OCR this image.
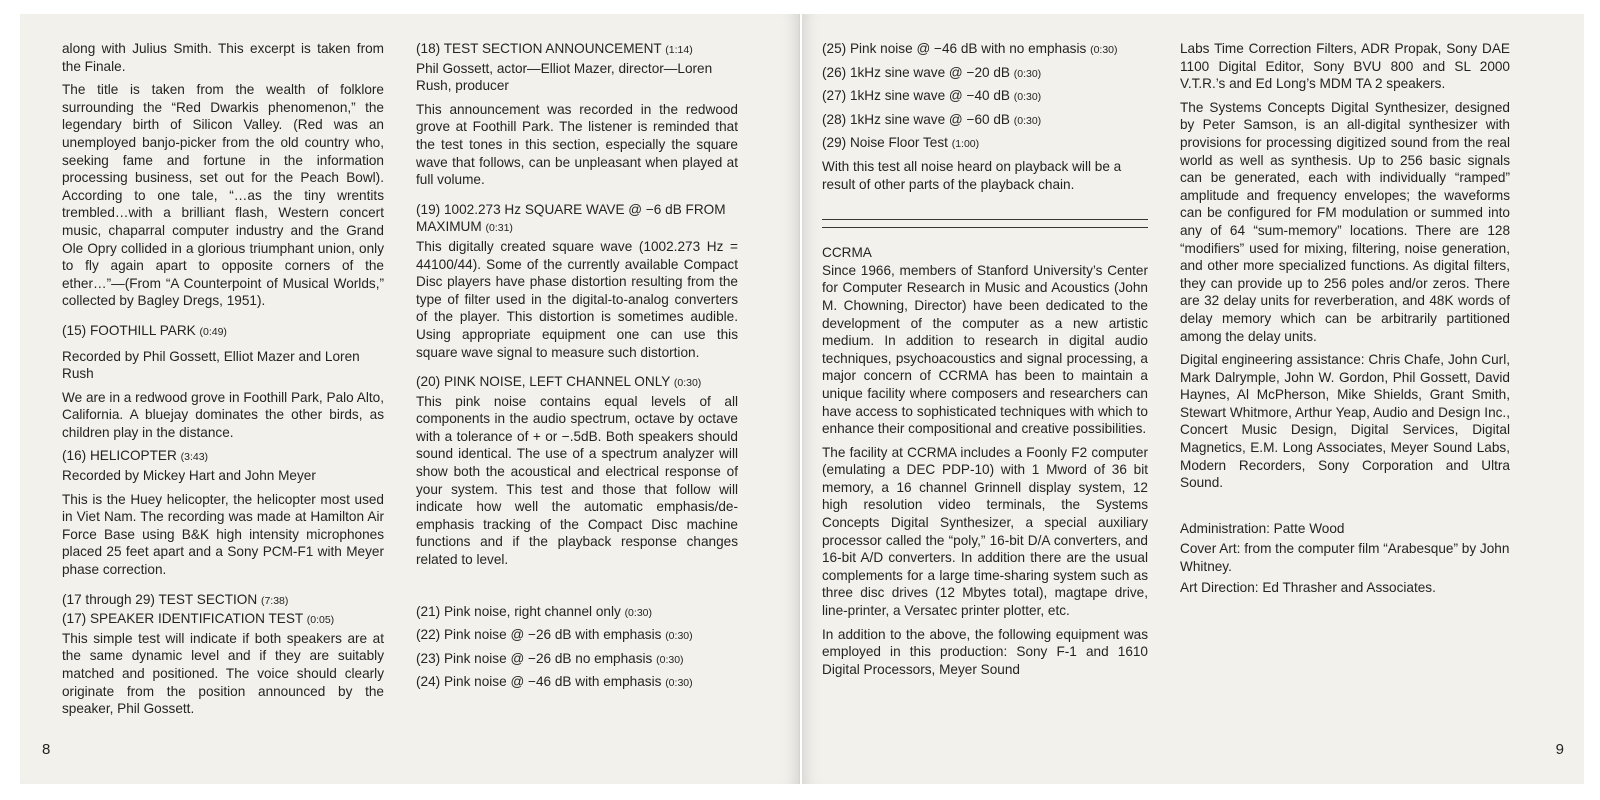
along with Julius Smith. This excerpt is taken from the Finale.

The title is taken from the wealth of folklore surrounding the “Red Dwarkis phenomenon,” the legendary birth of Silicon Valley. (Red was an unemployed banjo-picker from the old country who, seeking fame and fortune in the information processing business, set out for the Peach Bowl). According to one tale, “…as the tiny wrentits trembled…with a brilliant flash, Western concert music, chaparral computer industry and the Grand Ole Opry collided in a glorious triumphant union, only to fly again apart to opposite corners of the ether…”—(From “A Counterpoint of Musical Worlds,” collected by Bagley Dregs, 1951).

(15) FOOTHILL PARK (0:49)

Recorded by Phil Gossett, Elliot Mazer and Loren Rush

We are in a redwood grove in Foothill Park, Palo Alto, California. A bluejay dominates the other birds, as children play in the distance.

(16) HELICOPTER (3:43)

Recorded by Mickey Hart and John Meyer

This is the Huey helicopter, the helicopter most used in Viet Nam. The recording was made at Hamilton Air Force Base using B&K high intensity microphones placed 25 feet apart and a Sony PCM-F1 with Meyer phase correction.

(17 through 29) TEST SECTION (7:38)

(17) SPEAKER IDENTIFICATION TEST (0:05)

This simple test will indicate if both speakers are at the same dynamic level and if they are suitably matched and positioned. The voice should clearly originate from the position announced by the speaker, Phil Gossett.

(18) TEST SECTION ANNOUNCEMENT (1:14)

Phil Gossett, actor—Elliot Mazer, director—Loren Rush, producer

This announcement was recorded in the redwood grove at Foothill Park. The listener is reminded that the test tones in this section, especially the square wave that follows, can be unpleasant when played at full volume.

(19) 1002.273 Hz SQUARE WAVE @ −6 dB FROM MAXIMUM (0:31)

This digitally created square wave (1002.273 Hz = 44100/44). Some of the currently available Compact Disc players have phase distortion resulting from the type of filter used in the digital-to-analog converters of the player. This distortion is sometimes audible. Using appropriate equipment one can use this square wave signal to measure such distortion.

(20) PINK NOISE, LEFT CHANNEL ONLY (0:30)

This pink noise contains equal levels of all components in the audio spectrum, octave by octave with a tolerance of + or −.5dB. Both speakers should sound identical. The use of a spectrum analyzer will show both the acoustical and electrical response of your system. This test and those that follow will indicate how well the automatic emphasis/de-emphasis tracking of the Compact Disc machine functions and if the playback response changes related to level.

(21) Pink noise, right channel only (0:30)

(22) Pink noise @ −26 dB with emphasis (0:30)

(23) Pink noise @ −26 dB no emphasis (0:30)

(24) Pink noise @ −46 dB with emphasis (0:30)

8

(25) Pink noise @ −46 dB with no emphasis (0:30)

(26) 1kHz sine wave @ −20 dB (0:30)

(27) 1kHz sine wave @ −40 dB (0:30)

(28) 1kHz sine wave @ −60 dB (0:30)

(29) Noise Floor Test (1:00)

With this test all noise heard on playback will be a result of other parts of the playback chain.

CCRMA

Since 1966, members of Stanford University’s Center for Computer Research in Music and Acoustics (John M. Chowning, Director) have been dedicated to the development of the computer as a new artistic medium. In addition to research in digital audio techniques, psychoacoustics and signal processing, a major concern of CCRMA has been to maintain a unique facility where composers and researchers can have access to sophisticated techniques with which to enhance their compositional and creative possibilities.

The facility at CCRMA includes a Foonly F2 computer (emulating a DEC PDP-10) with 1 Mword of 36 bit memory, a 16 channel Grinnell display system, 12 high resolution video terminals, the Systems Concepts Digital Synthesizer, a special auxiliary processor called the “poly,” 16-bit D/A converters, and 16-bit A/D converters. In addition there are the usual complements for a large time-sharing system such as three disc drives (12 Mbytes total), magtape drive, line-printer, a Versatec printer plotter, etc.

In addition to the above, the following equipment was employed in this production: Sony F-1 and 1610 Digital Processors, Meyer Sound

Labs Time Correction Filters, ADR Propak, Sony DAE 1100 Digital Editor, Sony BVU 800 and SL 2000 V.T.R.’s and Ed Long’s MDM TA 2 speakers.

The Systems Concepts Digital Synthesizer, designed by Peter Samson, is an all-digital synthesizer with provisions for processing digitized sound from the real world as well as synthesis. Up to 256 basic signals can be generated, each with individually “ramped” amplitude and frequency envelopes; the waveforms can be configured for FM modulation or summed into any of 64 “sum-memory” locations. There are 128 “modifiers” used for mixing, filtering, noise generation, and other more specialized functions. As digital filters, they can provide up to 256 poles and/or zeros. There are 32 delay units for reverberation, and 48K words of delay memory which can be arbitrarily partitioned among the delay units.

Digital engineering assistance: Chris Chafe, John Curl, Mark Dalrymple, John W. Gordon, Phil Gossett, David Haynes, Al McPherson, Mike Shields, Grant Smith, Stewart Whitmore, Arthur Yeap, Audio and Design Inc., Concert Music Design, Digital Services, Digital Magnetics, E.M. Long Associates, Meyer Sound Labs, Modern Recorders, Sony Corporation and Ultra Sound.

Administration: Patte Wood

Cover Art: from the computer film “Arabesque” by John Whitney.

Art Direction: Ed Thrasher and Associates.

9
